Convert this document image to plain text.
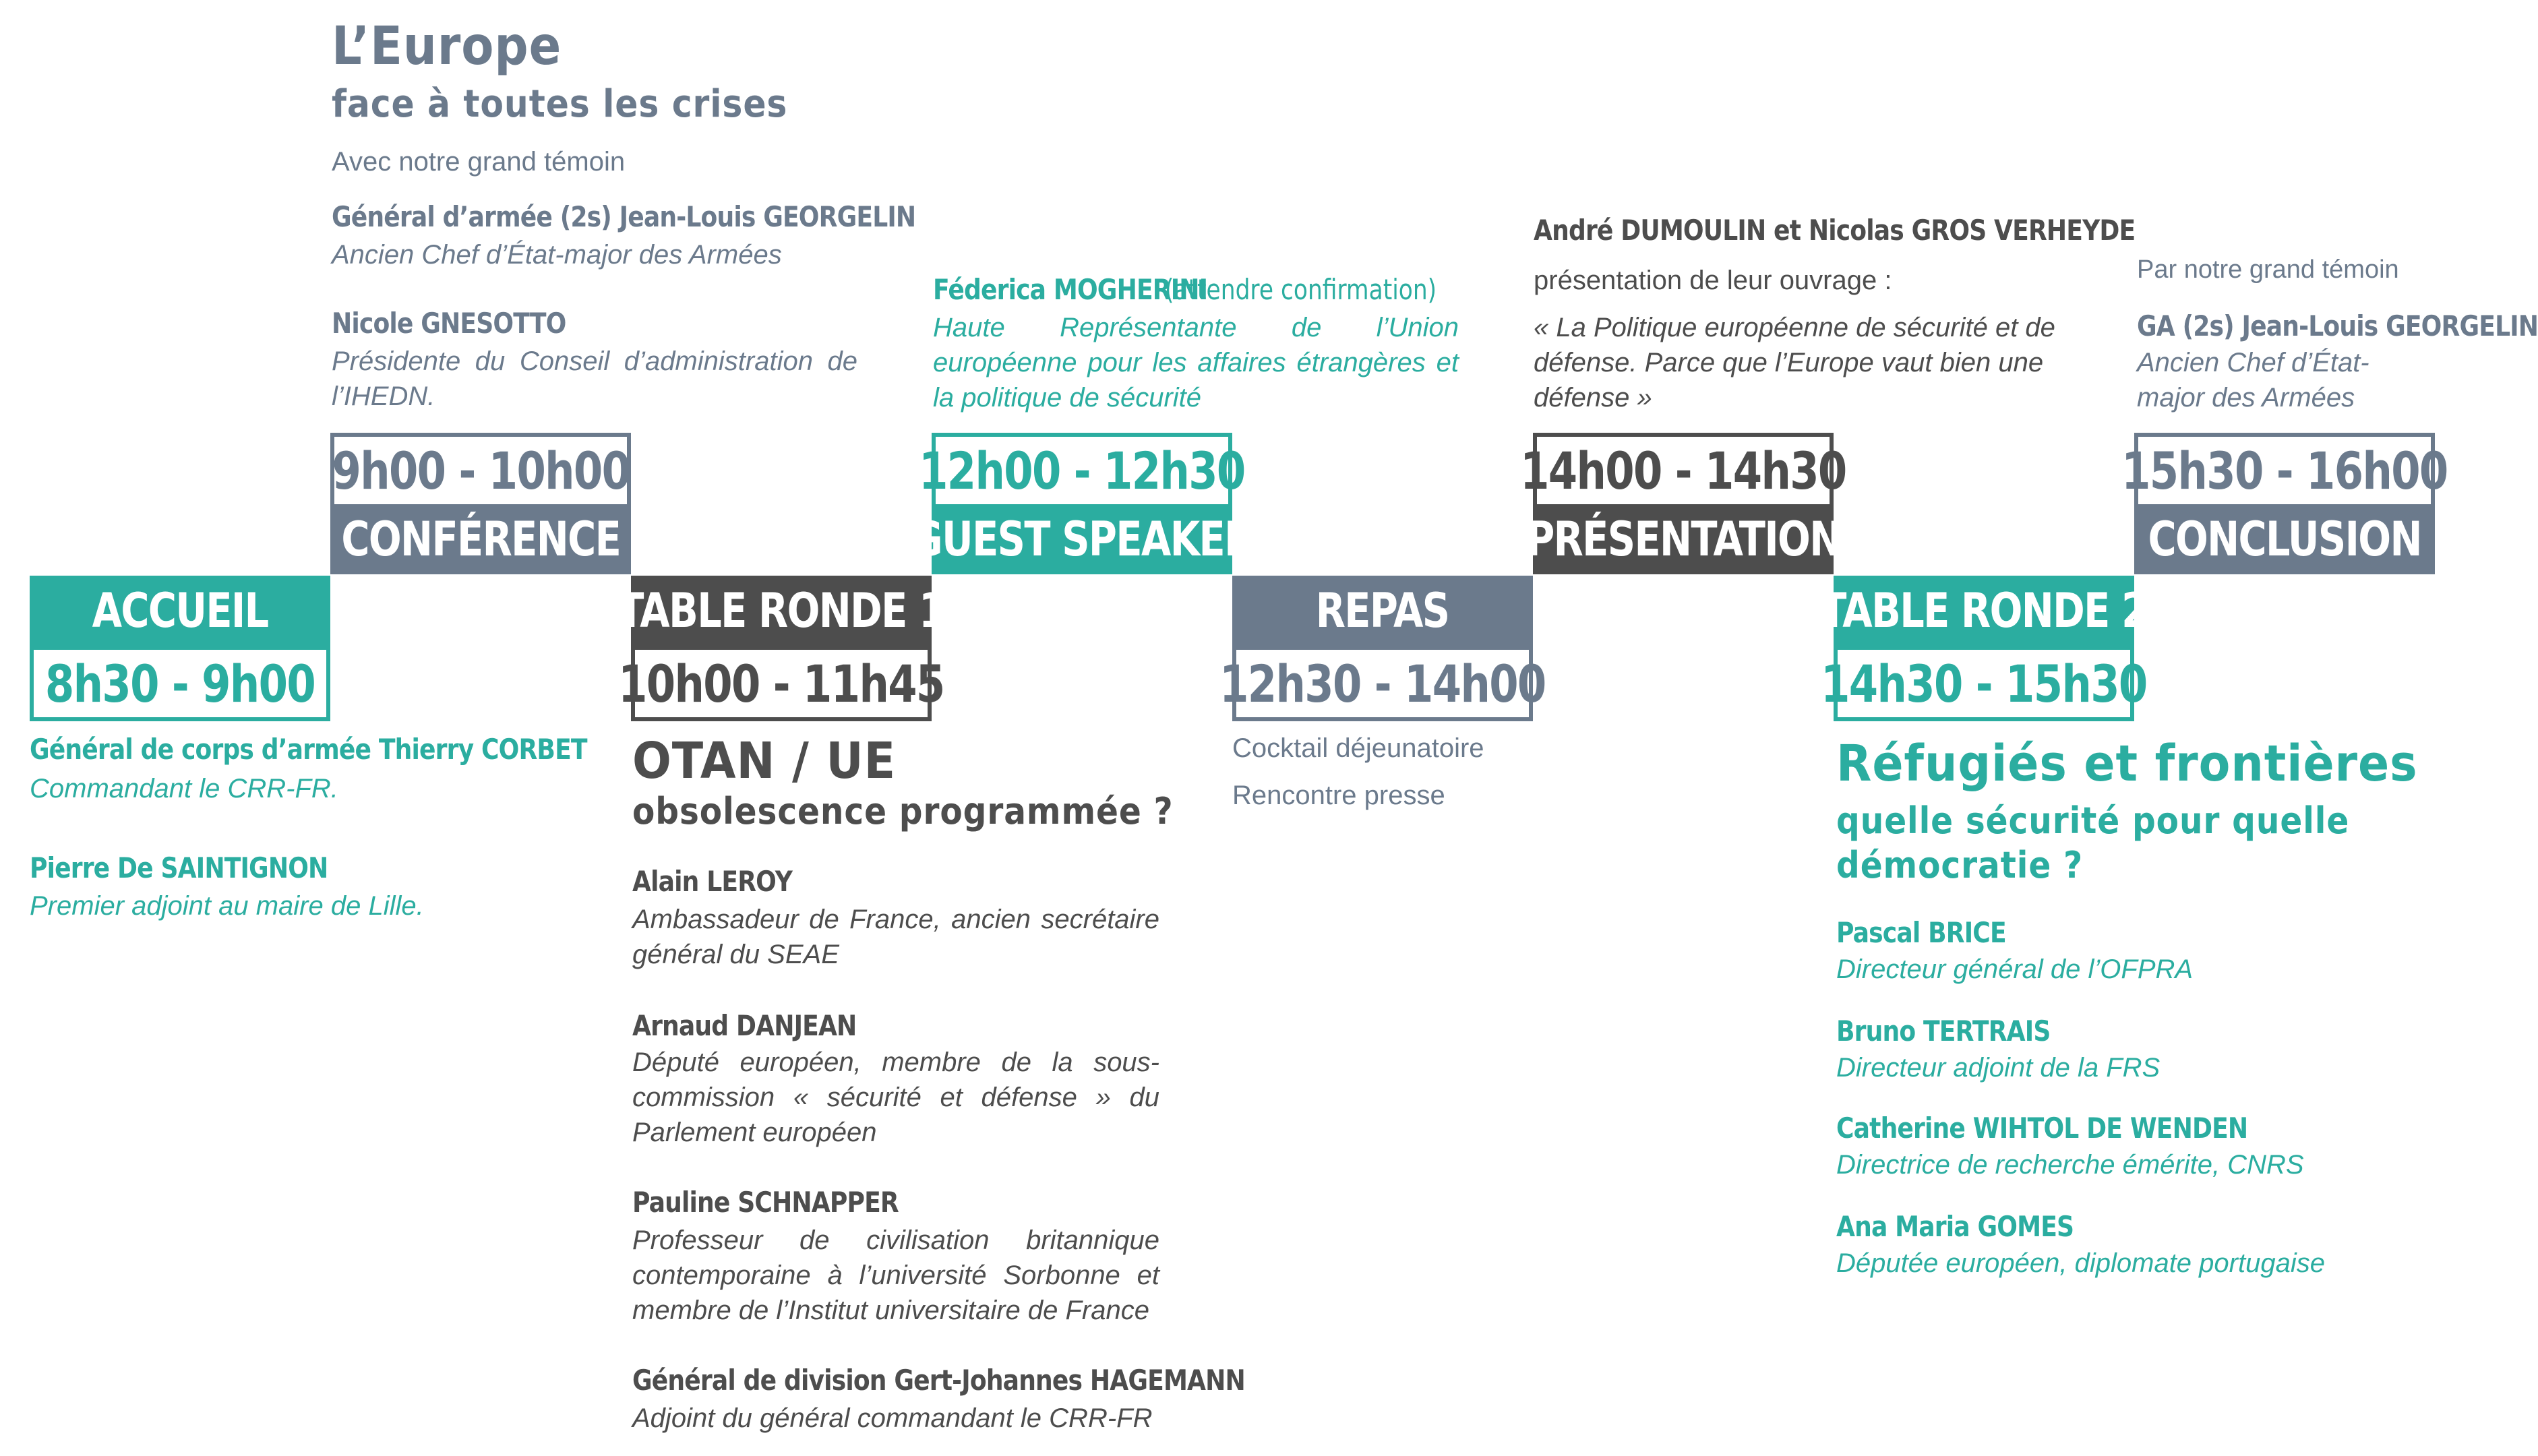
L’Europe
face à toutes les crises
Avec notre grand témoin
Général d’armée (2s) Jean-Louis GEORGELIN
Ancien Chef d’État-major des Armées
Nicole GNESOTTO
Présidente du Conseil d’administration de l’IHEDN.
Féderica MOGHERINI
(attendre confirmation)
Haute Représentante de l’Union européenne pour les affaires étrangères et la politique de sécurité
André DUMOULIN et Nicolas GROS VERHEYDE
présentation de leur ouvrage :
« La Politique européenne de sécurité et de défense. Parce que l’Europe vaut bien une défense »
Par notre grand témoin
GA (2s) Jean-Louis GEORGELIN
Ancien Chef d’État-major des Armées
ACCUEIL
8h30 - 9h00
9h00 - 10h00
CONFÉRENCE
TABLE RONDE 1
10h00 - 11h45
12h00 - 12h30
GUEST SPEAKER
REPAS
12h30 - 14h00
14h00 - 14h30
PRÉSENTATION
TABLE RONDE 2
14h30 - 15h30
15h30 - 16h00
CONCLUSION
Général de corps d’armée Thierry CORBET
Commandant le CRR-FR.
Pierre De SAINTIGNON
Premier adjoint au maire de Lille.
OTAN / UE
obsolescence programmée ?
Alain LEROY
Ambassadeur de France, ancien secrétaire général du SEAE
Arnaud DANJEAN
Député européen, membre de la sous-commission « sécurité et défense » du Parlement européen
Pauline SCHNAPPER
Professeur de civilisation britannique contemporaine à l’université Sorbonne et membre de l’Institut universitaire de France
Général de division Gert-Johannes HAGEMANN
Adjoint du général commandant le CRR-FR
Cocktail déjeunatoire
Rencontre presse
Réfugiés et frontières
quelle sécurité pour quelle
démocratie ?
Pascal BRICE
Directeur général de l’OFPRA
Bruno TERTRAIS
Directeur adjoint de la FRS
Catherine WIHTOL DE WENDEN
Directrice de recherche émérite, CNRS
Ana Maria GOMES
Députée européen, diplomate portugaise
